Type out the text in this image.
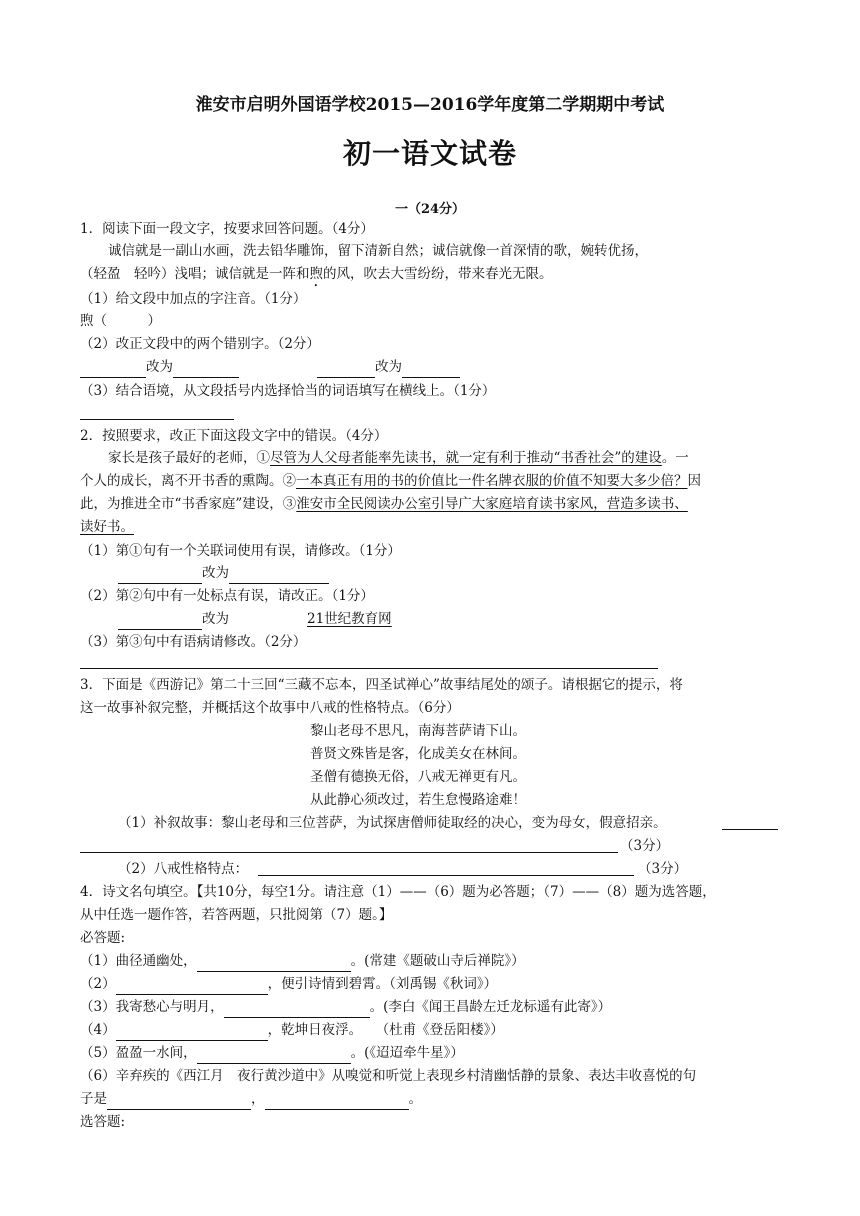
淮安市启明外国语学校2015—2016学年度第二学期期中考试
初一语文试卷
一（24分）
1．阅读下面一段文字，按要求回答问题。（4分）
诚信就是一副山水画，洗去铅华雕饰，留下清新自然；诚信就像一首深情的歌，婉转优扬，
（轻盈　轻吟）浅唱；诚信就是一阵和煦的风，吹去大雪纷纷，带来春光无限。
（1）给文段中加点的字注音。（1分）
煦（　　　）
（2）改正文段中的两个错别字。（2分）
改为	改为
（3）结合语境，从文段括号内选择恰当的词语填写在横线上。（1分）
2．按照要求，改正下面这段文字中的错误。（4分）
家长是孩子最好的老师，①尽管为人父母者能率先读书，就一定有利于推动“书香社会”的建设。一
个人的成长，离不开书香的熏陶。②一本真正有用的书的价值比一件名牌衣服的价值不知要大多少倍？因
此，为推进全市“书香家庭”建设，③淮安市全民阅读办公室引导广大家庭培育读书家风，营造多读书、
读好书。
（1）第①句有一个关联词使用有误，请修改。（1分）
改为
（2）第②句中有一处标点有误，请改正。（1分）
改为	21世纪教育网
（3）第③句中有语病请修改。（2分）
3．下面是《西游记》第二十三回“三藏不忘本，四圣试禅心”故事结尾处的颂子。请根据它的提示，将
这一故事补叙完整，并概括这个故事中八戒的性格特点。（6分）
黎山老母不思凡，南海菩萨请下山。
普贤文殊皆是客，化成美女在林间。
圣僧有德换无俗，八戒无禅更有凡。
从此静心须改过，若生怠慢路途难！
（1）补叙故事：黎山老母和三位菩萨，为试探唐僧师徒取经的决心，变为母女，假意招亲。
（3分）
（2）八戒性格特点：	（3分）
4．诗文名句填空。【共10分，每空1分。请注意（1）——（6）题为必答题；（7）——（8）题为选答题，
从中任选一题作答，若答两题，只批阅第（7）题。】
必答题:
（1）曲径通幽处，	。(常建《题破山寺后禅院》）
（2）	，便引诗情到碧霄。（刘禹锡《秋词》）
（3）我寄愁心与明月，	。(李白《闻王昌龄左迁龙标遥有此寄》）
（4）	，乾坤日夜浮。　　（杜甫《登岳阳楼》）
（5）盈盈一水间，	。(《迢迢牵牛星》）
（6）辛弃疾的《西江月　夜行黄沙道中》从嗅觉和听觉上表现乡村清幽恬静的景象、表达丰收喜悦的句
子是	，	。
选答题:
